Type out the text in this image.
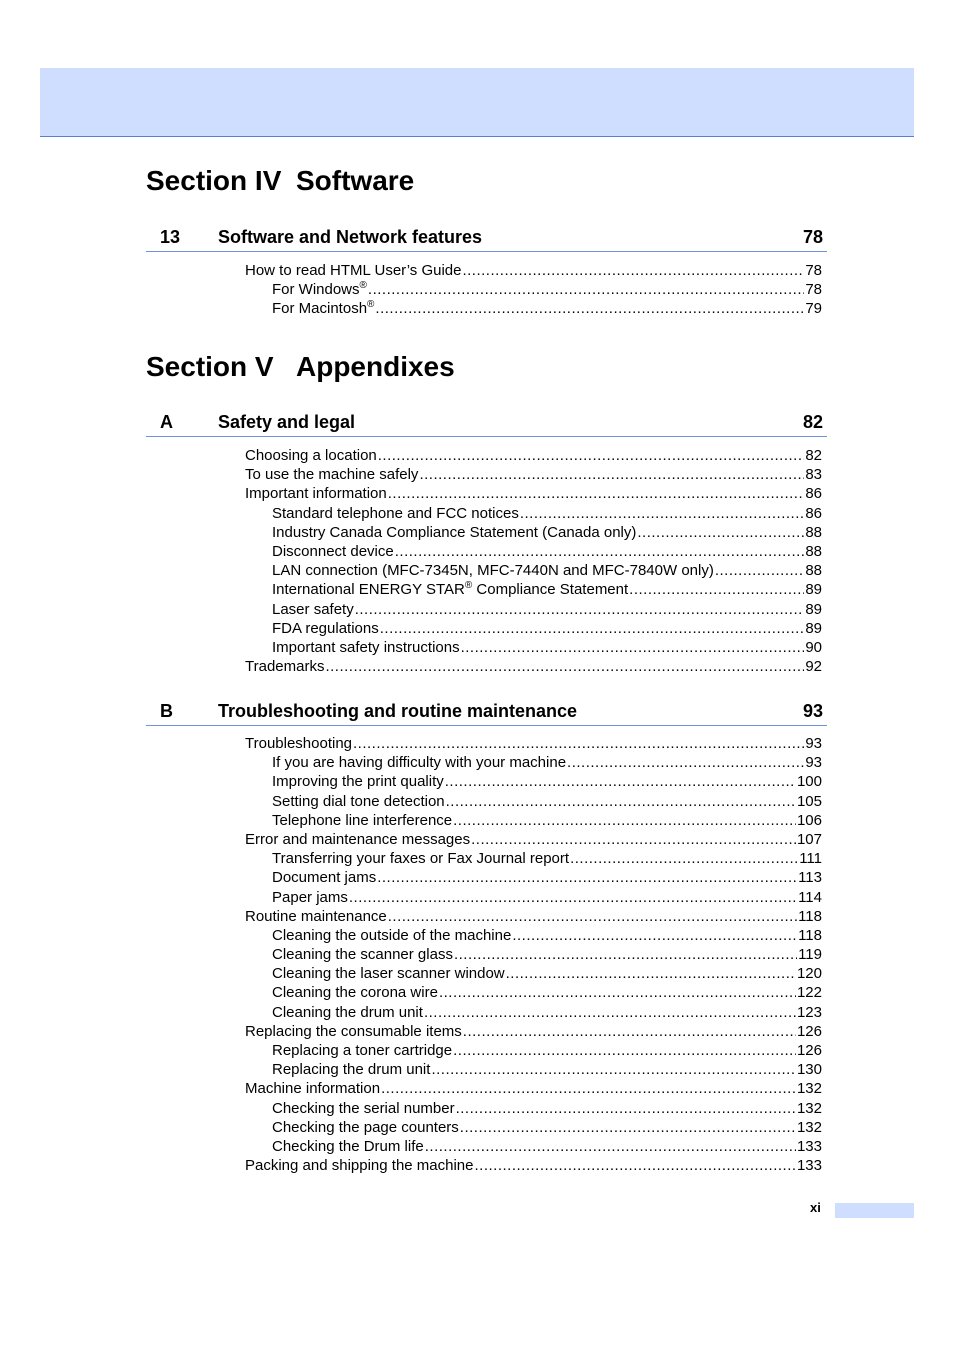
Section IV Software
13 Software and Network features	78
How to read HTML User’s Guide .....	78
For Windows® .....	78
For Macintosh® .....	79
Section V Appendixes
A	Safety and legal	82
Choosing a location .....	82
To use the machine safely .....	83
Important information .....	86
Standard telephone and FCC notices .....	86
Industry Canada Compliance Statement (Canada only) .....	88
Disconnect device .....	88
LAN connection (MFC-7345N, MFC-7440N and MFC-7840W only) .....	88
International ENERGY STAR® Compliance Statement .....	89
Laser safety .....	89
FDA regulations .....	89
Important safety instructions .....	90
Trademarks .....	92
B	Troubleshooting and routine maintenance	93
Troubleshooting .....	93
If you are having difficulty with your machine .....	93
Improving the print quality .....	100
Setting dial tone detection .....	105
Telephone line interference .....	106
Error and maintenance messages .....	107
Transferring your faxes or Fax Journal report .....	111
Document jams .....	113
Paper jams .....	114
Routine maintenance .....	118
Cleaning the outside of the machine .....	118
Cleaning the scanner glass .....	119
Cleaning the laser scanner window .....	120
Cleaning the corona wire .....	122
Cleaning the drum unit .....	123
Replacing the consumable items .....	126
Replacing a toner cartridge .....	126
Replacing the drum unit .....	130
Machine information .....	132
Checking the serial number .....	132
Checking the page counters .....	132
Checking the Drum life .....	133
Packing and shipping the machine .....	133
xi
